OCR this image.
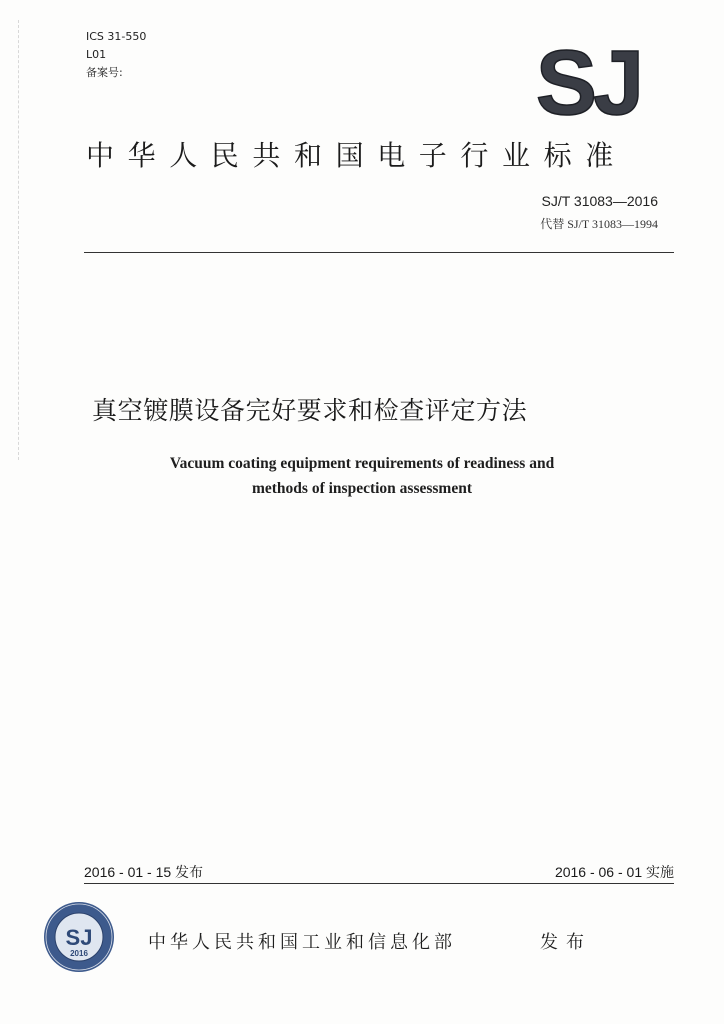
ICS 31-550
L01
备案号:	SJ
中华人民共和国电子行业标准
SJ/T 31083—2016
代替 SJ/T 31083—1994
真空镀膜设备完好要求和检查评定方法
Vacuum coating equipment requirements of readiness and
methods of inspection assessment
2016 - 01 - 15 发布	2016 - 06 - 01 实施
SJ
2016
中华人民共和国工业和信息化部	发布
